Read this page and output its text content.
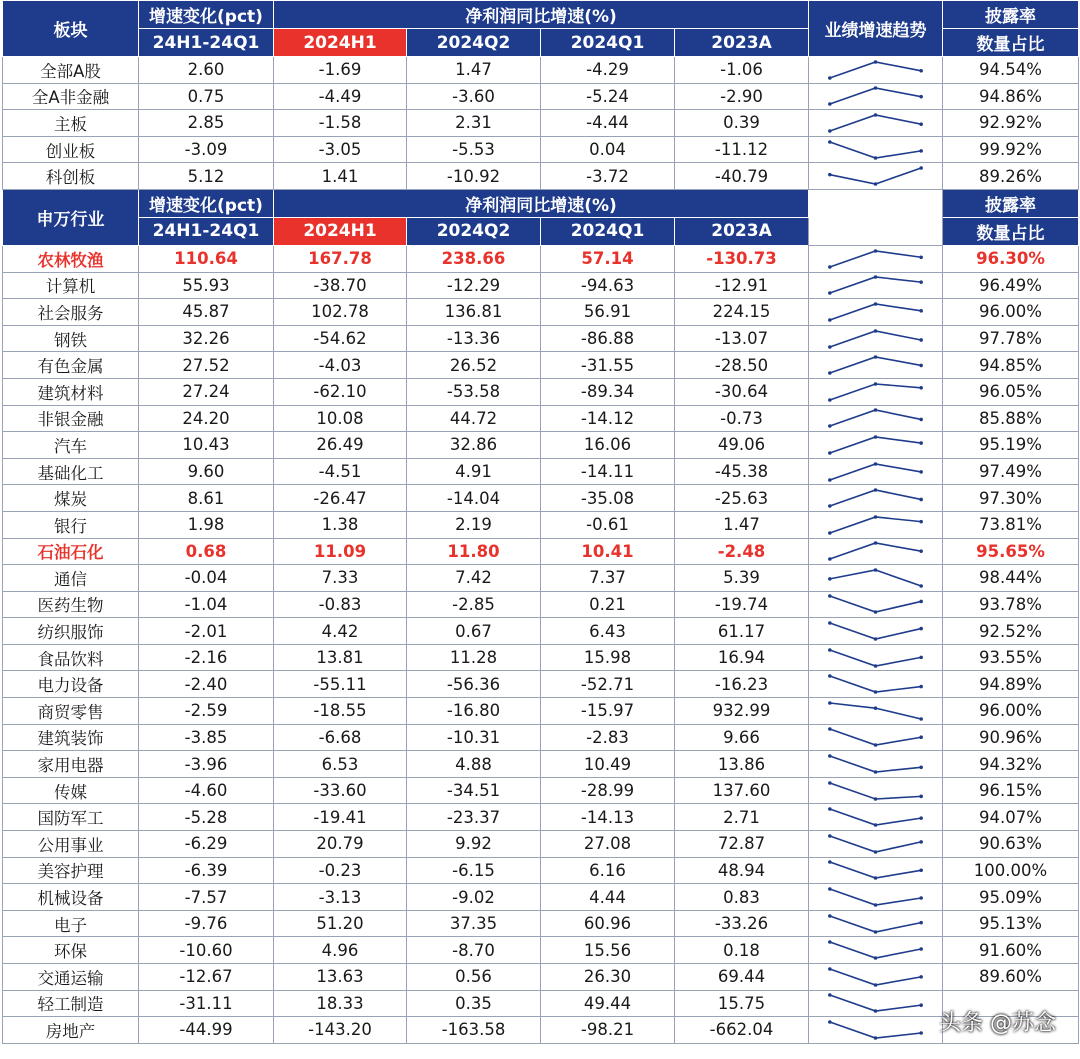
板块	增速变化(pct)	净利润同比增速(%)				业绩增速趋势	披露率
	24H1-24Q1	2024H1	2024Q2	2024Q1	2023A		数量占比
全部A股	2.60	-1.69	1.47	-4.29	-1.06		94.54%
全A非金融	0.75	-4.49	-3.60	-5.24	-2.90		94.86%
主板	2.85	-1.58	2.31	-4.44	0.39		92.92%
创业板	-3.09	-3.05	-5.53	0.04	-11.12		99.92%
科创板	5.12	1.41	-10.92	-3.72	-40.79		89.26%
申万行业	增速变化(pct)	净利润同比增速(%)					披露率
	24H1-24Q1	2024H1	2024Q2	2024Q1	2023A		数量占比
农林牧渔	110.64	167.78	238.66	57.14	-130.73		96.30%
计算机	55.93	-38.70	-12.29	-94.63	-12.91		96.49%
社会服务	45.87	102.78	136.81	56.91	224.15		96.00%
钢铁	32.26	-54.62	-13.36	-86.88	-13.07		97.78%
有色金属	27.52	-4.03	26.52	-31.55	-28.50		94.85%
建筑材料	27.24	-62.10	-53.58	-89.34	-30.64		96.05%
非银金融	24.20	10.08	44.72	-14.12	-0.73		85.88%
汽车	10.43	26.49	32.86	16.06	49.06		95.19%
基础化工	9.60	-4.51	4.91	-14.11	-45.38		97.49%
煤炭	8.61	-26.47	-14.04	-35.08	-25.63		97.30%
银行	1.98	1.38	2.19	-0.61	1.47		73.81%
石油石化	0.68	11.09	11.80	10.41	-2.48		95.65%
通信	-0.04	7.33	7.42	7.37	5.39		98.44%
医药生物	-1.04	-0.83	-2.85	0.21	-19.74		93.78%
纺织服饰	-2.01	4.42	0.67	6.43	61.17		92.52%
食品饮料	-2.16	13.81	11.28	15.98	16.94		93.55%
电力设备	-2.40	-55.11	-56.36	-52.71	-16.23		94.89%
商贸零售	-2.59	-18.55	-16.80	-15.97	932.99		96.00%
建筑装饰	-3.85	-6.68	-10.31	-2.83	9.66		90.96%
家用电器	-3.96	6.53	4.88	10.49	13.86		94.32%
传媒	-4.60	-33.60	-34.51	-28.99	137.60		96.15%
国防军工	-5.28	-19.41	-23.37	-14.13	2.71		94.07%
公用事业	-6.29	20.79	9.92	27.08	72.87		90.63%
美容护理	-6.39	-0.23	-6.15	6.16	48.94		100.00%
机械设备	-7.57	-3.13	-9.02	4.44	0.83		95.09%
电子	-9.76	51.20	37.35	60.96	-33.26		95.13%
环保	-10.60	4.96	-8.70	15.56	0.18		91.60%
交通运输	-12.67	13.63	0.56	26.30	69.44		89.60%
轻工制造	-31.11	18.33	0.35	49.44	15.75	

房地产	-44.99	-143.20	-163.58	-98.21	-662.04	
		头条 @苏念
